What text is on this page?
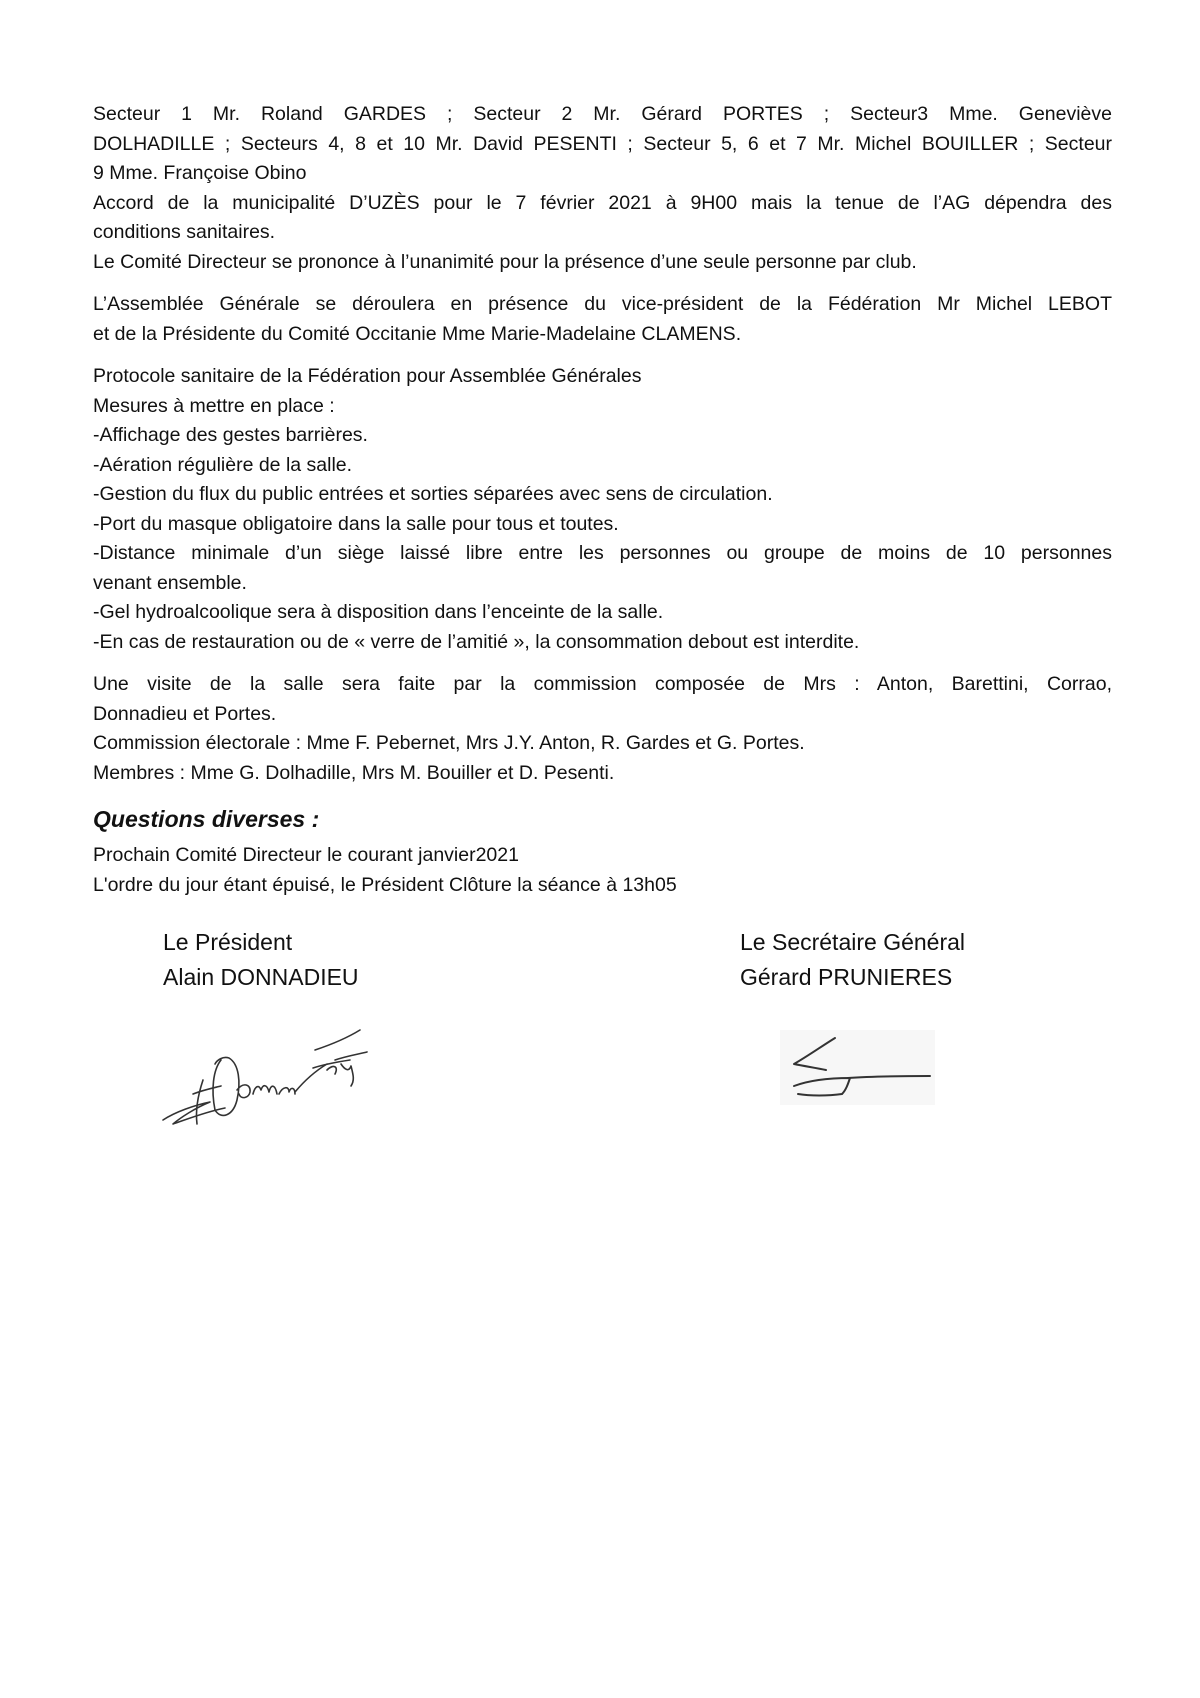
Secteur 1 Mr. Roland GARDES ; Secteur 2 Mr. Gérard PORTES ; Secteur3 Mme. Geneviève
DOLHADILLE ; Secteurs 4, 8 et 10 Mr. David PESENTI ; Secteur 5, 6 et 7 Mr. Michel BOUILLER ; Secteur
9 Mme. Françoise Obino
Accord de la municipalité D’UZÈS pour le 7 février 2021 à 9H00 mais la tenue de l’AG dépendra des
conditions sanitaires.
Le Comité Directeur se prononce à l’unanimité pour la présence d’une seule personne par club.
L’Assemblée Générale se déroulera en présence du vice-président de la Fédération Mr Michel LEBOT
et de la Présidente du Comité Occitanie Mme Marie-Madelaine CLAMENS.
Protocole sanitaire de la Fédération pour Assemblée Générales
Mesures à mettre en place :
-Affichage des gestes barrières.
-Aération régulière de la salle.
-Gestion du flux du public entrées et sorties séparées avec sens de circulation.
-Port du masque obligatoire dans la salle pour tous et toutes.
-Distance minimale d’un siège laissé libre entre les personnes ou groupe de moins de 10 personnes
venant ensemble.
-Gel hydroalcoolique sera à disposition dans l’enceinte de la salle.
-En cas de restauration ou de « verre de l’amitié », la consommation debout est interdite.
Une visite de la salle sera faite par la commission composée de Mrs : Anton, Barettini, Corrao,
Donnadieu et Portes.
Commission électorale : Mme F. Pebernet, Mrs J.Y. Anton, R. Gardes et G. Portes.
Membres : Mme G. Dolhadille, Mrs M. Bouiller et D. Pesenti.
Questions diverses :
Prochain Comité Directeur le courant janvier2021
L'ordre du jour étant épuisé, le Président Clôture la séance à 13h05
Le Président
Alain DONNADIEU
Le Secrétaire Général
Gérard PRUNIERES
